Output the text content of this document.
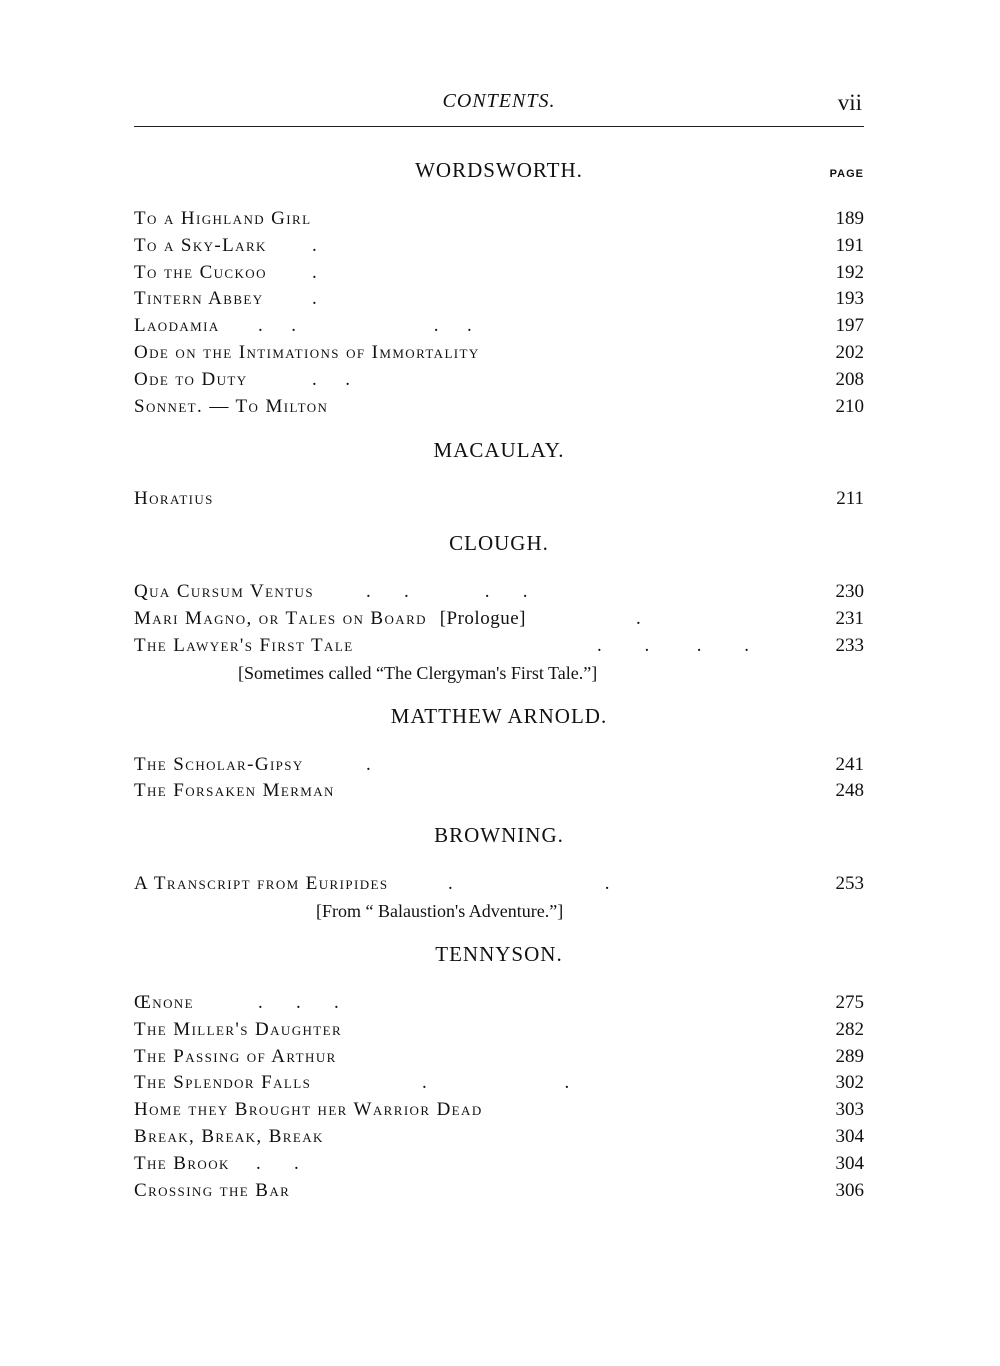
CONTENTS.	vii
WORDSWORTH.	PAGE
To a Highland Girl	189
To a Sky-Lark .	191
To the Cuckoo .	192
Tintern Abbey	.	193
Laodamia .      .                             .      .	197
Ode on the Intimations of Immortality	202
Ode to Duty	.      .	208
Sonnet. — To Milton	210
MACAULAY.
Horatius	211
CLOUGH.
Qua Cursum Ventus	.       .                .       .	230
Mari Magno, or Tales on Board [Prologue]	.	231
The Lawyer's First Tale	.         .          .         .	233
[Sometimes called “The Clergyman's First Tale.”]
MATTHEW ARNOLD.
The Scholar-Gipsy	.	241
The Forsaken Merman	248
BROWNING.
A Transcript from Euripides	.                                .	253
[From “ Balaustion's Adventure.”]
TENNYSON.
Œnone	.       .       .	275
The Miller's Daughter	282
The Passing of Arthur	289
The Splendor Falls	.                             .	302
Home they Brought her Warrior Dead	303
Break, Break, Break	304
The Brook .       .	304
Crossing the Bar	306
